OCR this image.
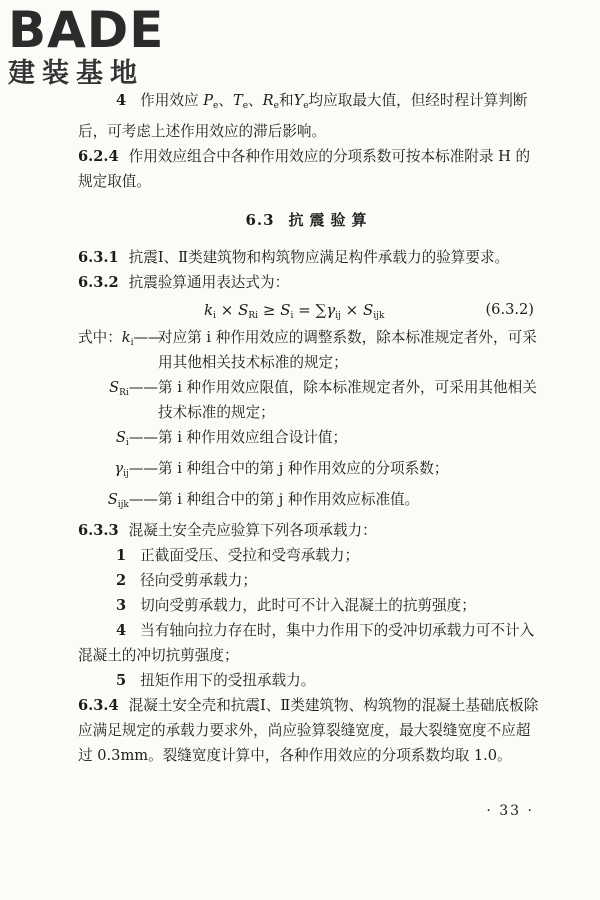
BADE
建装基地

4 作用效应 $P_e$、$T_e$、$R_e$和$Y_e$均应取最大值，但经时程计算判断后，可考虑上述作用效应的滞后影响。

6.2.4 作用效应组合中各种作用效应的分项系数可按本标准附录 H 的规定取值。

6.3 抗震验算

6.3.1 抗震Ⅰ、Ⅱ类建筑物和构筑物应满足构件承载力的验算要求。

6.3.2 抗震验算通用表达式为：

$k_i \times S_{Ri} \ge S_i = \sum\gamma_{ij} \times S_{ijk}$	(6.3.2)
式中：$k_i——$
对应第 i 种作用效应的调整系数，除本标准规定者外，可采用其他相关技术标准的规定；
$S_{Ri}——$ 第 i 种作用效应限值，除本标准规定者外，可采用其他相关技术标准的规定；
$S_i——$ 第 i 种作用效应组合设计值；
$\gamma_{ij}——$ 第 i 种组合中的第 j 种作用效应的分项系数；
$S_{ijk}——$ 第 i 种组合中的第 j 种作用效应标准值。

6.3.3 混凝土安全壳应验算下列各项承载力：

1 正截面受压、受拉和受弯承载力；

2 径向受剪承载力；

3 切向受剪承载力，此时可不计入混凝土的抗剪强度；

4 当有轴向拉力存在时，集中力作用下的受冲切承载力可不计入混凝土的冲切抗剪强度；

5 扭矩作用下的受扭承载力。

6.3.4 混凝土安全壳和抗震Ⅰ、Ⅱ类建筑物、构筑物的混凝土基础底板除应满足规定的承载力要求外，尚应验算裂缝宽度，最大裂缝宽度不应超过 0.3mm。裂缝宽度计算中，各种作用效应的分项系数均取 1.0。

· 33 ·
